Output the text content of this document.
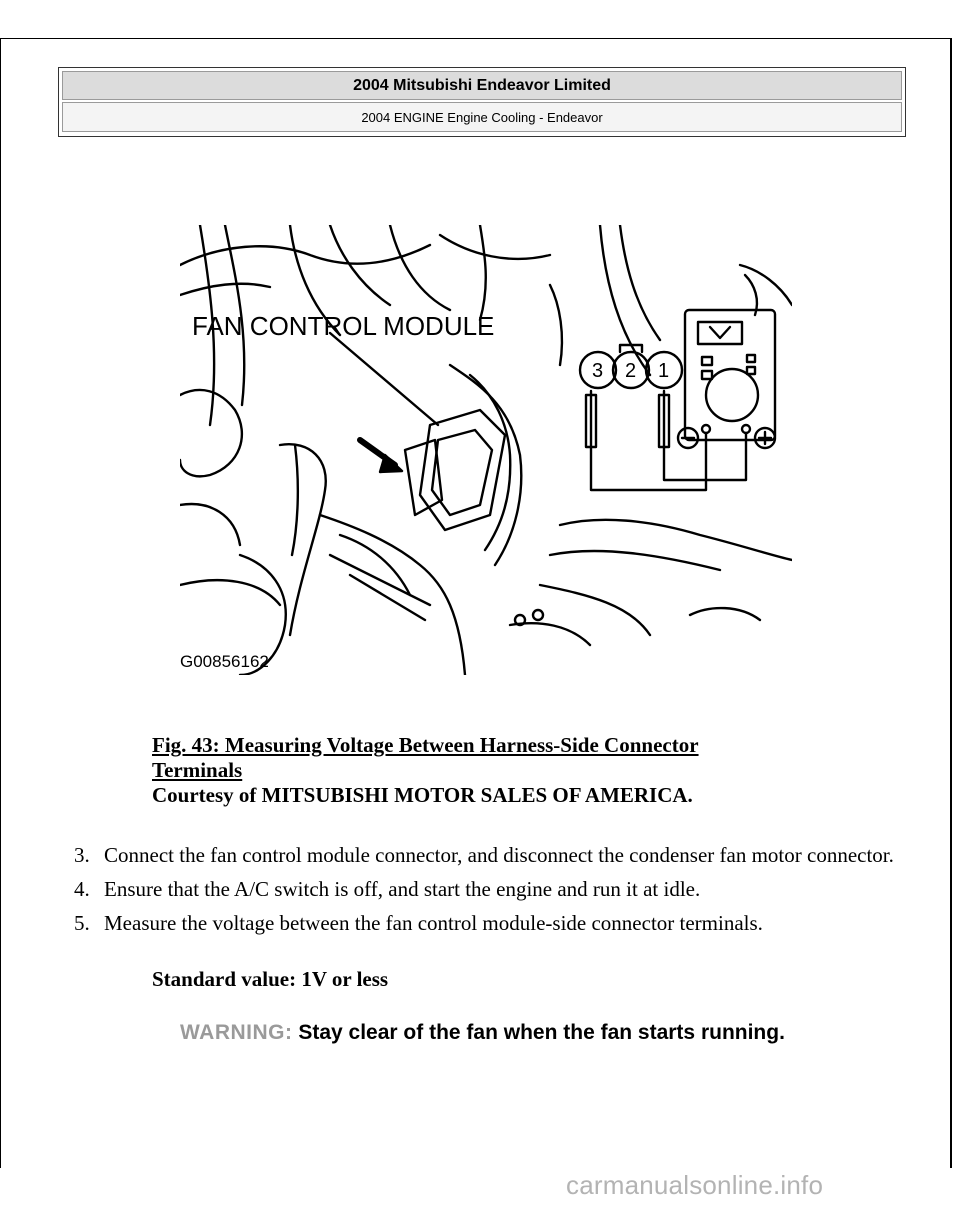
2004 Mitsubishi Endeavor Limited
2004 ENGINE Engine Cooling - Endeavor
FAN CONTROL MODULE
3 2 1
G00856162
Fig. 43: Measuring Voltage Between Harness-Side Connector
Terminals
Courtesy of MITSUBISHI MOTOR SALES OF AMERICA.
3. Connect the fan control module connector, and disconnect the condenser fan motor connector.
4. Ensure that the A/C switch is off, and start the engine and run it at idle.
5. Measure the voltage between the fan control module-side connector terminals.
Standard value: 1V or less
WARNING: Stay clear of the fan when the fan starts running.
carmanualsonline.info
